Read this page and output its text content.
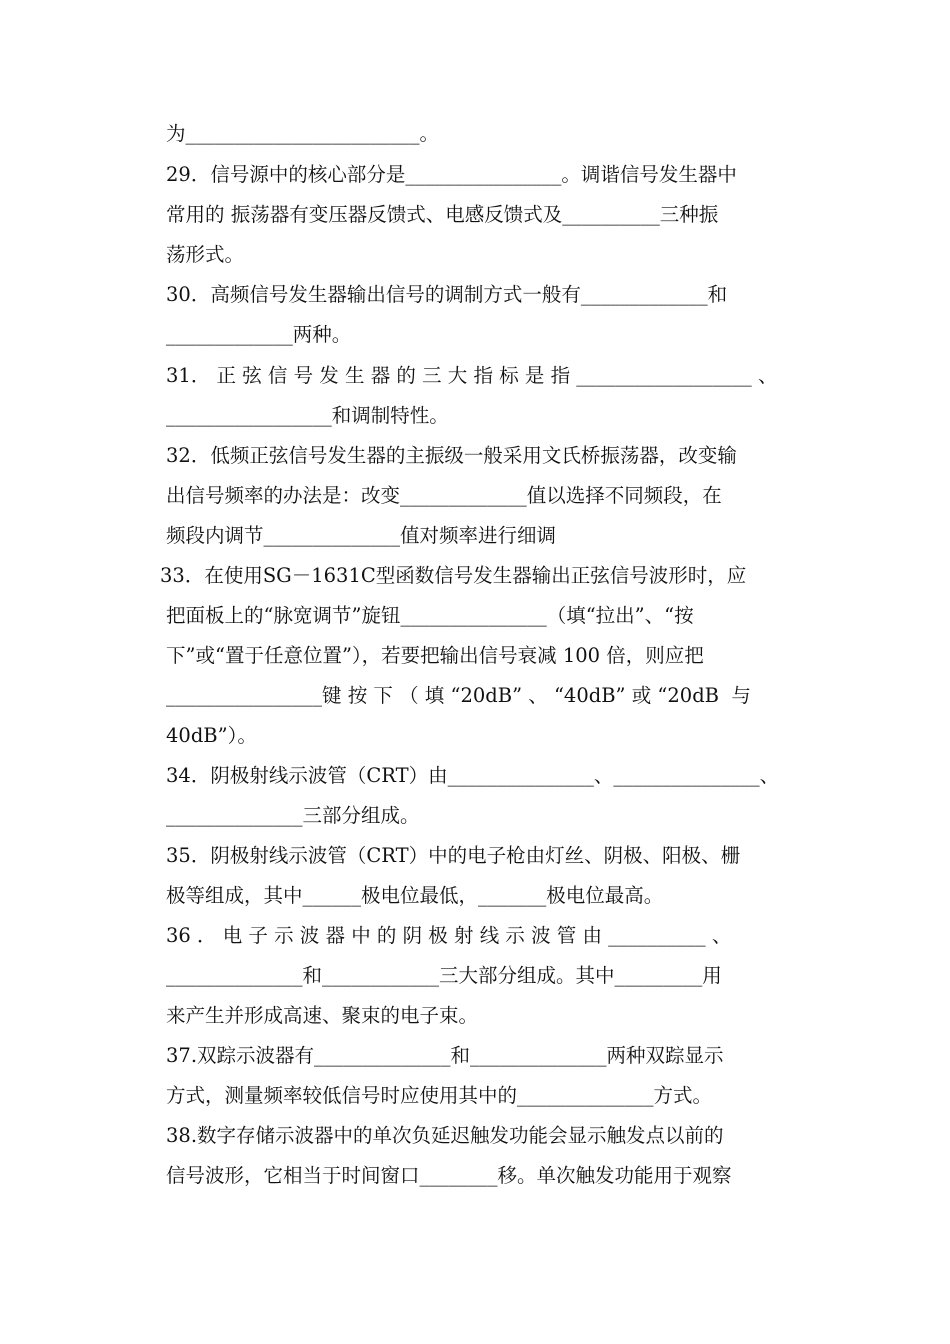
为________________________。
29．信号源中的核心部分是________________。调谐信号发生器中
常用的 振荡器有变压器反馈式、电感反馈式及__________三种振
荡形式。
30．高频信号发生器输出信号的调制方式一般有_____________和
_____________两种。
31． 正 弦 信 号 发 生 器 的 三 大 指 标 是 指 __________________ 、
_________________和调制特性。
32．低频正弦信号发生器的主振级一般采用文氏桥振荡器，改变输
出信号频率的办法是：改变_____________值以选择不同频段，在
频段内调节______________值对频率进行细调
33．在使用SG－1631C型函数信号发生器输出正弦信号波形时，应
把面板上的“脉宽调节”旋钮_______________（填“拉出”、“按
下”或“置于任意位置”），若要把输出信号衰减 100 倍，则应把
________________键 按 下 （ 填 “20dB” 、 “40dB” 或 “20dB  与
40dB”）。
34．阴极射线示波管（CRT）由_______________、_______________、
______________三部分组成。
35．阴极射线示波管（CRT）中的电子枪由灯丝、阴极、阳极、栅
极等组成，其中______极电位最低，_______极电位最高。
36 ． 电 子 示 波 器 中 的 阴 极 射 线 示 波 管 由 __________ 、
______________和____________三大部分组成。其中_________用
来产生并形成高速、聚束的电子束。
37.双踪示波器有______________和______________两种双踪显示
方式，测量频率较低信号时应使用其中的______________方式。
38.数字存储示波器中的单次负延迟触发功能会显示触发点以前的
信号波形，它相当于时间窗口________移。单次触发功能用于观察
